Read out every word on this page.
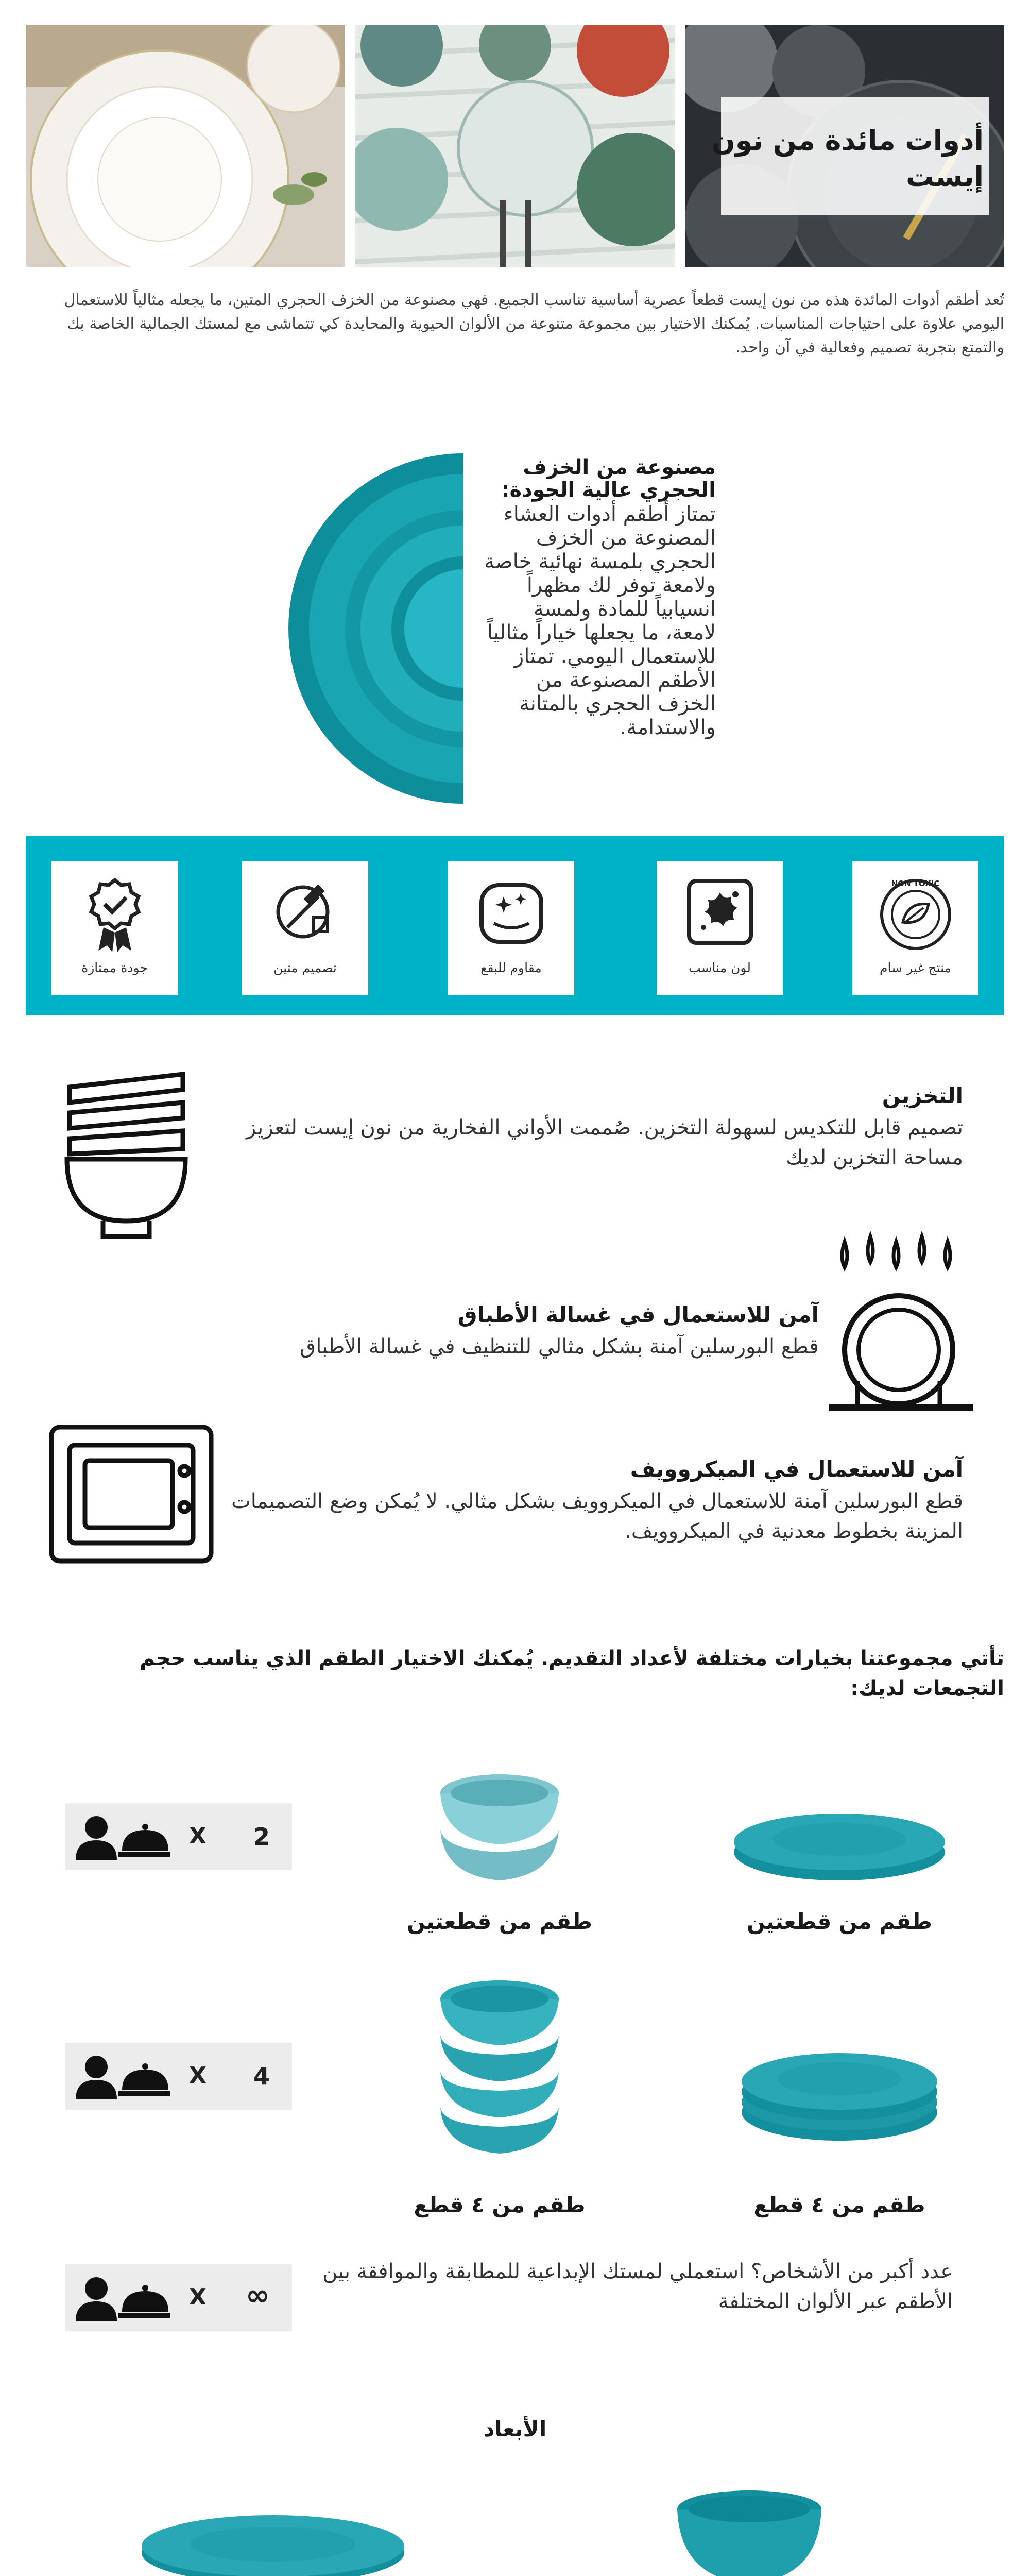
أدوات مائدة من نون إيست
تُعد أطقم أدوات المائدة هذه من نون إيست قطعاً عصرية أساسية تناسب الجميع. فهي مصنوعة من الخزف الحجري المتين، ما يجعله مثالياً للاستعمال اليومي علاوة على احتياجات المناسبات. يُمكنك الاختيار بين مجموعة متنوعة من الألوان الحيوية والمحايدة كي تتماشى مع لمستك الجمالية الخاصة بك والتمتع بتجربة تصميم وفعالية في آن واحد.
مصنوعة من الخزف الحجري عالية الجودة:
تمتاز أطقم أدوات العشاء المصنوعة من الخزف الحجري بلمسة نهائية خاصة ولامعة توفر لك مظهراً انسيابياً للمادة ولمسة لامعة، ما يجعلها خياراً مثالياً للاستعمال اليومي. تمتاز الأطقم المصنوعة من الخزف الحجري بالمتانة والاستدامة.
جودة ممتازة	تصميم متين	مقاوم للبقع	لون مناسب
NON TOXIC
منتج غير سام
التخزين
تصميم قابل للتكديس لسهولة التخزين. صُممت الأواني الفخارية من نون إيست لتعزيز مساحة التخزين لديك
آمن للاستعمال في غسالة الأطباق
قطع البورسلين آمنة بشكل مثالي للتنظيف في غسالة الأطباق
آمن للاستعمال في الميكروويف
قطع البورسلين آمنة للاستعمال في الميكروويف بشكل مثالي. لا يُمكن وضع التصميمات المزينة بخطوط معدنية في الميكروويف.
تأتي مجموعتنا بخيارات مختلفة لأعداد التقديم. يُمكنك الاختيار الطقم الذي يناسب حجم التجمعات لديك:
X 2
طقم من قطعتين	طقم من قطعتين
X 4
طقم من ٤ قطع	طقم من ٤ قطع
X ∞
عدد أكبر من الأشخاص؟ استعملي لمستك الإبداعية للمطابقة والموافقة بين الأطقم عبر الألوان المختلفة
الأبعاد
